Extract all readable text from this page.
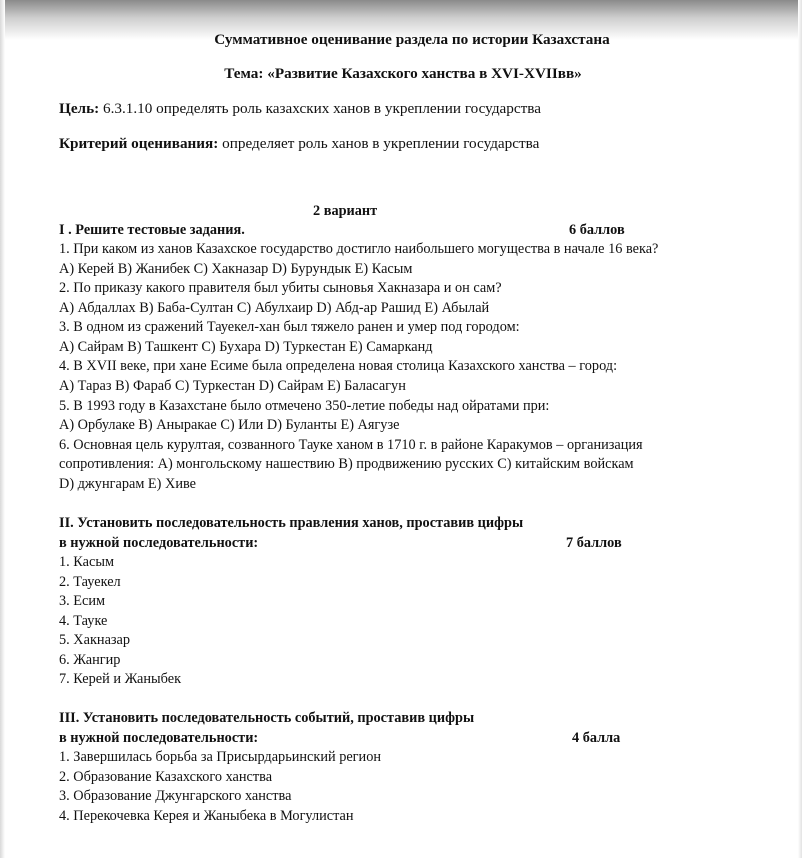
Суммативное оценивание раздела по истории Казахстана
Тема: «Развитие Казахского ханства в XVI-XVIIвв»
Цель: 6.3.1.10 определять роль казахских ханов в укреплении государства
Критерий оценивания: определяет роль ханов в укреплении государства
2 вариант
I . Решите тестовые задания.	6 баллов
1. При каком из ханов Казахское государство достигло наибольшего могущества в начале 16 века?
А) Керей В) Жанибек С) Хакназар D) Бурундык Е) Касым
2. По приказу какого правителя был убиты сыновья Хакназара и он сам?
А) Абдаллах В) Баба-Султан С) Абулхаир D) Абд-ар Рашид Е) Абылай
3. В одном из сражений Тауекел-хан был тяжело ранен и умер под городом:
А) Сайрам В) Ташкент С) Бухара D) Туркестан Е) Самарканд
4. В XVII веке, при хане Есиме была определена новая столица Казахского ханства – город:
А) Тараз В) Фараб С) Туркестан D) Сайрам Е) Баласагун
5. В 1993 году в Казахстане было отмечено 350-летие победы над ойратами при:
А) Орбулаке В) Аныракае С) Или D) Буланты Е) Аягузе
6. Основная цель курултая, созванного Тауке ханом в 1710 г. в районе Каракумов – организация
сопротивления: А) монгольскому нашествию В) продвижению русских С) китайским войскам
D) джунгарам Е) Хиве
II. Установить последовательность правления ханов, проставив цифры
в нужной последовательности:	7 баллов
1. Касым
2. Тауекел
3. Есим
4. Тауке
5. Хакназар
6. Жангир
7. Керей и Жаныбек
III. Установить последовательность событий, проставив цифры
в нужной последовательности:	4 балла
1. Завершилась борьба за Присырдарьинский регион
2. Образование Казахского ханства
3. Образование Джунгарского ханства
4. Перекочевка Керея и Жаныбека в Могулистан
